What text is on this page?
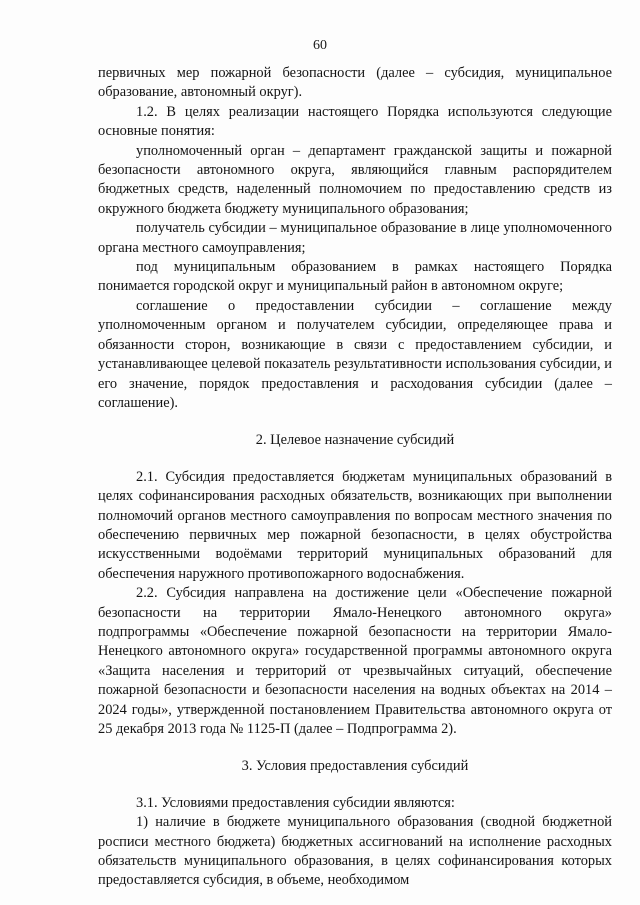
60

первичных мер пожарной безопасности (далее – субсидия, муниципальное образование, автономный округ).

1.2. В целях реализации настоящего Порядка используются следующие основные понятия:

уполномоченный орган – департамент гражданской защиты и пожарной безопасности автономного округа, являющийся главным распорядителем бюджетных средств, наделенный полномочием по предоставлению средств из окружного бюджета бюджету муниципального образования;

получатель субсидии – муниципальное образование в лице уполномоченного органа местного самоуправления;

под муниципальным образованием в рамках настоящего Порядка понимается городской округ и муниципальный район в автономном округе;

соглашение о предоставлении субсидии – соглашение между уполномоченным органом и получателем субсидии, определяющее права и обязанности сторон, возникающие в связи с предоставлением субсидии, и устанавливающее целевой показатель результативности использования субсидии, и его значение, порядок предоставления и расходования субсидии (далее – соглашение).

2. Целевое назначение субсидий

2.1. Субсидия предоставляется бюджетам муниципальных образований в целях софинансирования расходных обязательств, возникающих при выполнении полномочий органов местного самоуправления по вопросам местного значения по обеспечению первичных мер пожарной безопасности, в целях обустройства искусственными водоёмами территорий муниципальных образований для обеспечения наружного противопожарного водоснабжения.

2.2. Субсидия направлена на достижение цели «Обеспечение пожарной безопасности на территории Ямало-Ненецкого автономного округа» подпрограммы «Обеспечение пожарной безопасности на территории Ямало-Ненецкого автономного округа» государственной программы автономного округа «Защита населения и территорий от чрезвычайных ситуаций, обеспечение пожарной безопасности и безопасности населения на водных объектах на 2014 – 2024 годы», утвержденной постановлением Правительства автономного округа от 25 декабря 2013 года № 1125-П (далее – Подпрограмма 2).

3. Условия предоставления субсидий

3.1. Условиями предоставления субсидии являются:

1) наличие в бюджете муниципального образования (сводной бюджетной росписи местного бюджета) бюджетных ассигнований на исполнение расходных обязательств муниципального образования, в целях софинансирования которых предоставляется субсидия, в объеме, необходимом
